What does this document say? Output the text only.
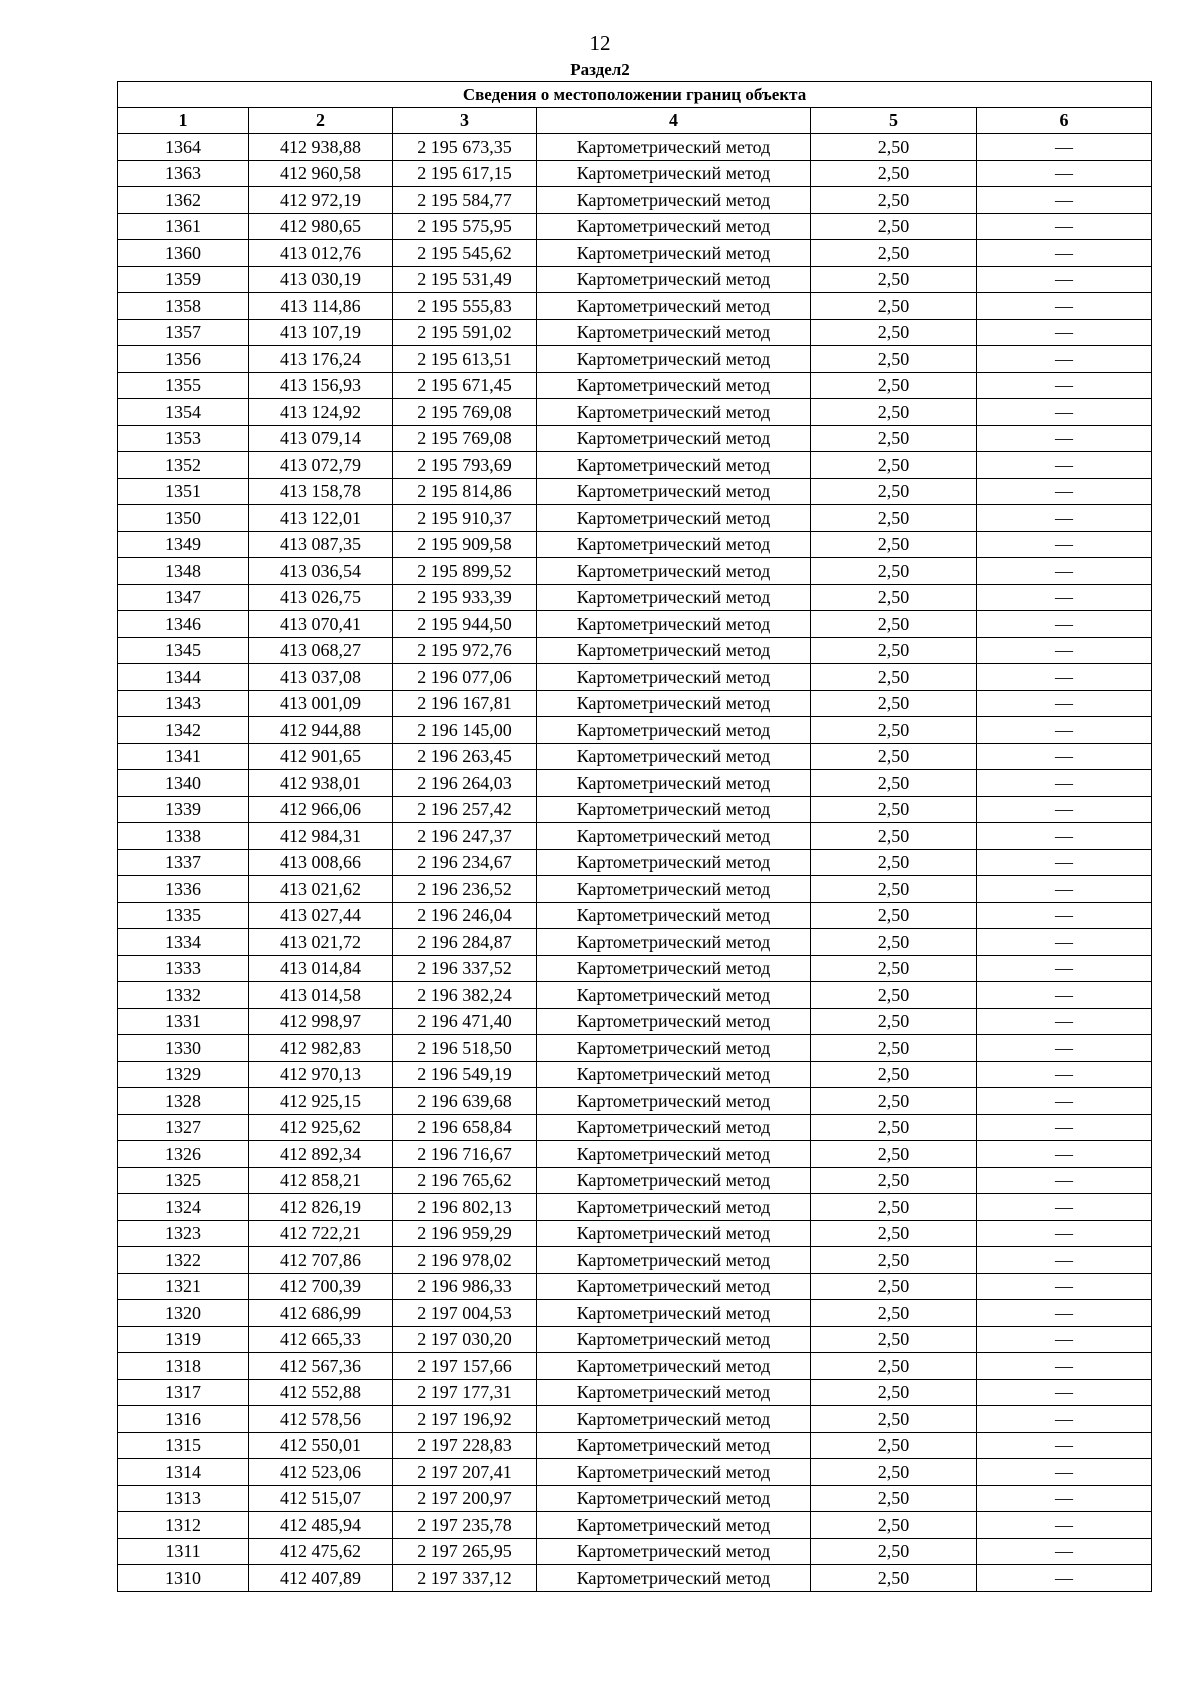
12
Раздел2
Сведения о местоположении границ объекта					
1	2	3	4	5	6
1364	412 938,88	2 195 673,35	Картометрический метод	2,50	—
1363	412 960,58	2 195 617,15	Картометрический метод	2,50	—
1362	412 972,19	2 195 584,77	Картометрический метод	2,50	—
1361	412 980,65	2 195 575,95	Картометрический метод	2,50	—
1360	413 012,76	2 195 545,62	Картометрический метод	2,50	—
1359	413 030,19	2 195 531,49	Картометрический метод	2,50	—
1358	413 114,86	2 195 555,83	Картометрический метод	2,50	—
1357	413 107,19	2 195 591,02	Картометрический метод	2,50	—
1356	413 176,24	2 195 613,51	Картометрический метод	2,50	—
1355	413 156,93	2 195 671,45	Картометрический метод	2,50	—
1354	413 124,92	2 195 769,08	Картометрический метод	2,50	—
1353	413 079,14	2 195 769,08	Картометрический метод	2,50	—
1352	413 072,79	2 195 793,69	Картометрический метод	2,50	—
1351	413 158,78	2 195 814,86	Картометрический метод	2,50	—
1350	413 122,01	2 195 910,37	Картометрический метод	2,50	—
1349	413 087,35	2 195 909,58	Картометрический метод	2,50	—
1348	413 036,54	2 195 899,52	Картометрический метод	2,50	—
1347	413 026,75	2 195 933,39	Картометрический метод	2,50	—
1346	413 070,41	2 195 944,50	Картометрический метод	2,50	—
1345	413 068,27	2 195 972,76	Картометрический метод	2,50	—
1344	413 037,08	2 196 077,06	Картометрический метод	2,50	—
1343	413 001,09	2 196 167,81	Картометрический метод	2,50	—
1342	412 944,88	2 196 145,00	Картометрический метод	2,50	—
1341	412 901,65	2 196 263,45	Картометрический метод	2,50	—
1340	412 938,01	2 196 264,03	Картометрический метод	2,50	—
1339	412 966,06	2 196 257,42	Картометрический метод	2,50	—
1338	412 984,31	2 196 247,37	Картометрический метод	2,50	—
1337	413 008,66	2 196 234,67	Картометрический метод	2,50	—
1336	413 021,62	2 196 236,52	Картометрический метод	2,50	—
1335	413 027,44	2 196 246,04	Картометрический метод	2,50	—
1334	413 021,72	2 196 284,87	Картометрический метод	2,50	—
1333	413 014,84	2 196 337,52	Картометрический метод	2,50	—
1332	413 014,58	2 196 382,24	Картометрический метод	2,50	—
1331	412 998,97	2 196 471,40	Картометрический метод	2,50	—
1330	412 982,83	2 196 518,50	Картометрический метод	2,50	—
1329	412 970,13	2 196 549,19	Картометрический метод	2,50	—
1328	412 925,15	2 196 639,68	Картометрический метод	2,50	—
1327	412 925,62	2 196 658,84	Картометрический метод	2,50	—
1326	412 892,34	2 196 716,67	Картометрический метод	2,50	—
1325	412 858,21	2 196 765,62	Картометрический метод	2,50	—
1324	412 826,19	2 196 802,13	Картометрический метод	2,50	—
1323	412 722,21	2 196 959,29	Картометрический метод	2,50	—
1322	412 707,86	2 196 978,02	Картометрический метод	2,50	—
1321	412 700,39	2 196 986,33	Картометрический метод	2,50	—
1320	412 686,99	2 197 004,53	Картометрический метод	2,50	—
1319	412 665,33	2 197 030,20	Картометрический метод	2,50	—
1318	412 567,36	2 197 157,66	Картометрический метод	2,50	—
1317	412 552,88	2 197 177,31	Картометрический метод	2,50	—
1316	412 578,56	2 197 196,92	Картометрический метод	2,50	—
1315	412 550,01	2 197 228,83	Картометрический метод	2,50	—
1314	412 523,06	2 197 207,41	Картометрический метод	2,50	—
1313	412 515,07	2 197 200,97	Картометрический метод	2,50	—
1312	412 485,94	2 197 235,78	Картометрический метод	2,50	—
1311	412 475,62	2 197 265,95	Картометрический метод	2,50	—
1310	412 407,89	2 197 337,12	Картометрический метод	2,50	—
